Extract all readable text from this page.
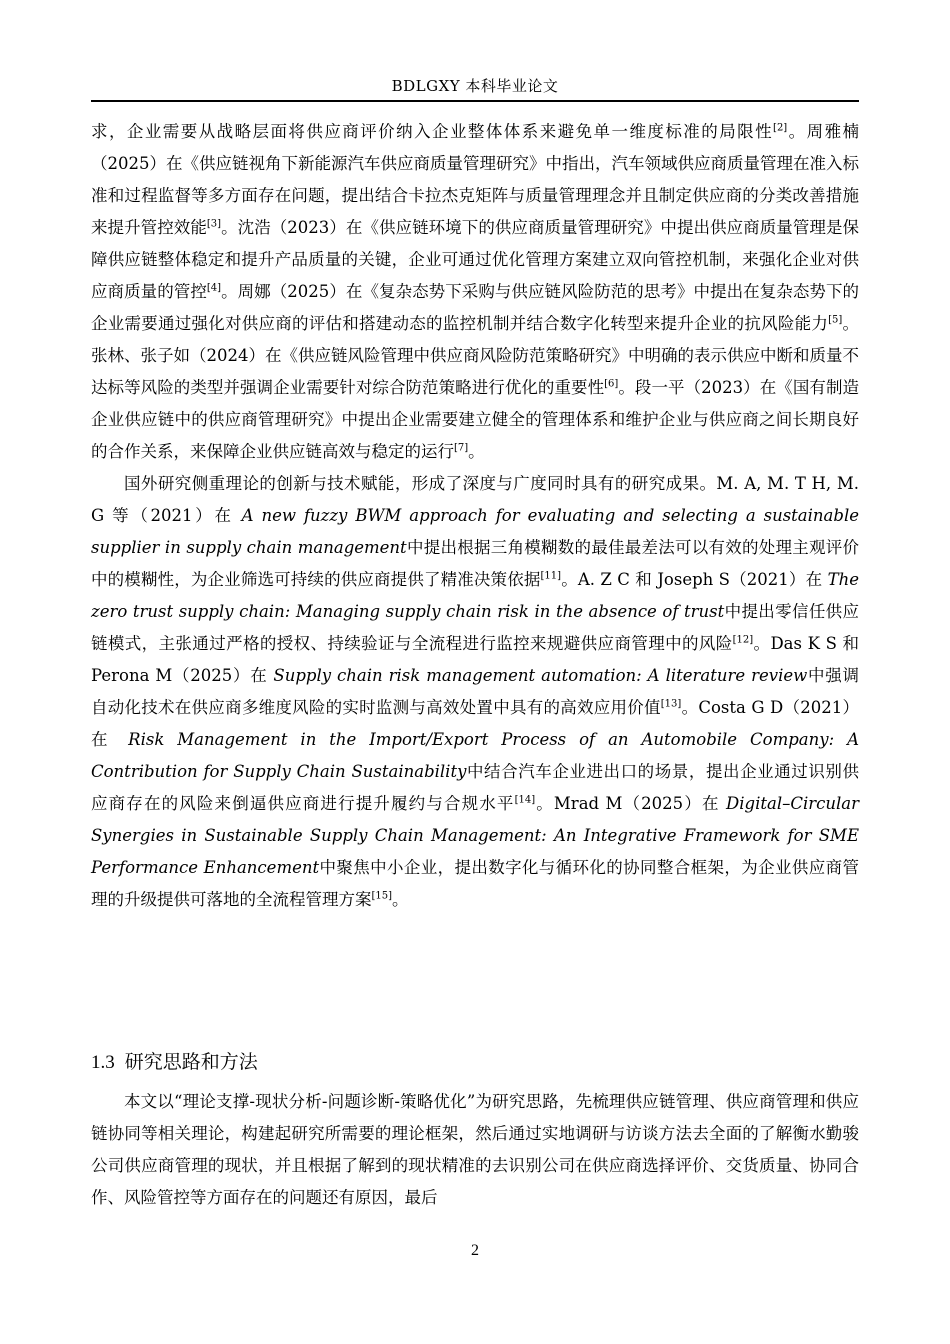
BDLGXY 本科毕业论文

求，企业需要从战略层面将供应商评价纳入企业整体体系来避免单一维度标准的局限性[2]。周雅楠（2025）在《供应链视角下新能源汽车供应商质量管理研究》中指出，汽车领域供应商质量管理在准入标准和过程监督等多方面存在问题，提出结合卡拉杰克矩阵与质量管理理念并且制定供应商的分类改善措施来提升管控效能[3]。沈浩（2023）在《供应链环境下的供应商质量管理研究》中提出供应商质量管理是保障供应链整体稳定和提升产品质量的关键，企业可通过优化管理方案建立双向管控机制，来强化企业对供应商质量的管控[4]。周娜（2025）在《复杂态势下采购与供应链风险防范的思考》中提出在复杂态势下的企业需要通过强化对供应商的评估和搭建动态的监控机制并结合数字化转型来提升企业的抗风险能力[5]。张林、张子如（2024）在《供应链风险管理中供应商风险防范策略研究》中明确的表示供应中断和质量不达标等风险的类型并强调企业需要针对综合防范策略进行优化的重要性[6]。段一平（2023）在《国有制造企业供应链中的供应商管理研究》中提出企业需要建立健全的管理体系和维护企业与供应商之间长期良好的合作关系，来保障企业供应链高效与稳定的运行[7]。

国外研究侧重理论的创新与技术赋能，形成了深度与广度同时具有的研究成果。M. A, M. T H, M. G 等（2021）在 A new fuzzy BWM approach for evaluating and selecting a sustainable supplier in supply chain management中提出根据三角模糊数的最佳最差法可以有效的处理主观评价中的模糊性，为企业筛选可持续的供应商提供了精准决策依据[11]。A. Z C 和 Joseph S（2021）在 The zero trust supply chain: Managing supply chain risk in the absence of trust中提出零信任供应链模式，主张通过严格的授权、持续验证与全流程进行监控来规避供应商管理中的风险[12]。Das K S 和 Perona M（2025）在 Supply chain risk management automation: A literature review中强调自动化技术在供应商多维度风险的实时监测与高效处置中具有的高效应用价值[13]。Costa G D（2021）在 Risk Management in the Import/Export Process of an Automobile Company: A Contribution for Supply Chain Sustainability中结合汽车企业进出口的场景，提出企业通过识别供应商存在的风险来倒逼供应商进行提升履约与合规水平[14]。Mrad M（2025）在 Digital–Circular Synergies in Sustainable Supply Chain Management: An Integrative Framework for SME Performance Enhancement中聚焦中小企业，提出数字化与循环化的协同整合框架，为企业供应商管理的升级提供可落地的全流程管理方案[15]。

1.3 研究思路和方法

本文以“理论支撑-现状分析-问题诊断-策略优化”为研究思路，先梳理供应链管理、供应商管理和供应链协同等相关理论，构建起研究所需要的理论框架，然后通过实地调研与访谈方法去全面的了解衡水勤骏公司供应商管理的现状，并且根据了解到的现状精准的去识别公司在供应商选择评价、交货质量、协同合作、风险管控等方面存在的问题还有原因，最后

2
